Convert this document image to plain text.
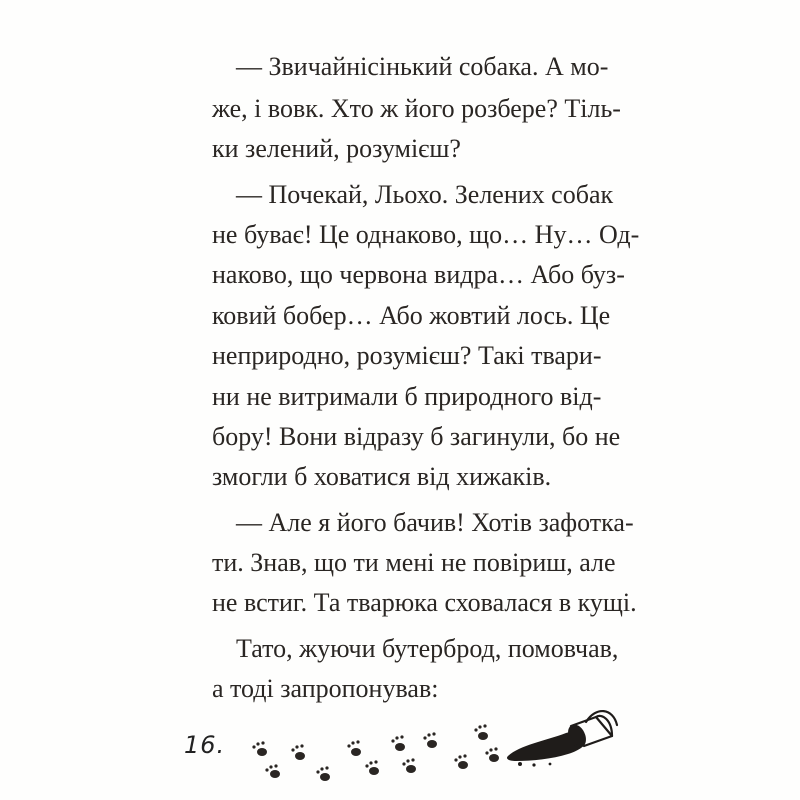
— Звичайнісінький собака. А мо-
же, і вовк. Хто ж його розбере? Тіль-
ки зелений, розумієш?
— Почекай, Льохо. Зелених собак
не буває! Це однаково, що… Ну… Од-
наково, що червона видра… Або буз-
ковий бобер… Або жовтий лось. Це
неприродно, розумієш? Такі твари-
ни не витримали б природного від-
бору! Вони відразу б загинули, бо не
змогли б ховатися від хижаків.
— Але я його бачив! Хотів зафотка-
ти. Знав, що ти мені не повіриш, але
не встиг. Та тварюка сховалася в кущі.
Тато, жуючи бутерброд, помовчав,
а тоді запропонував:
16.
